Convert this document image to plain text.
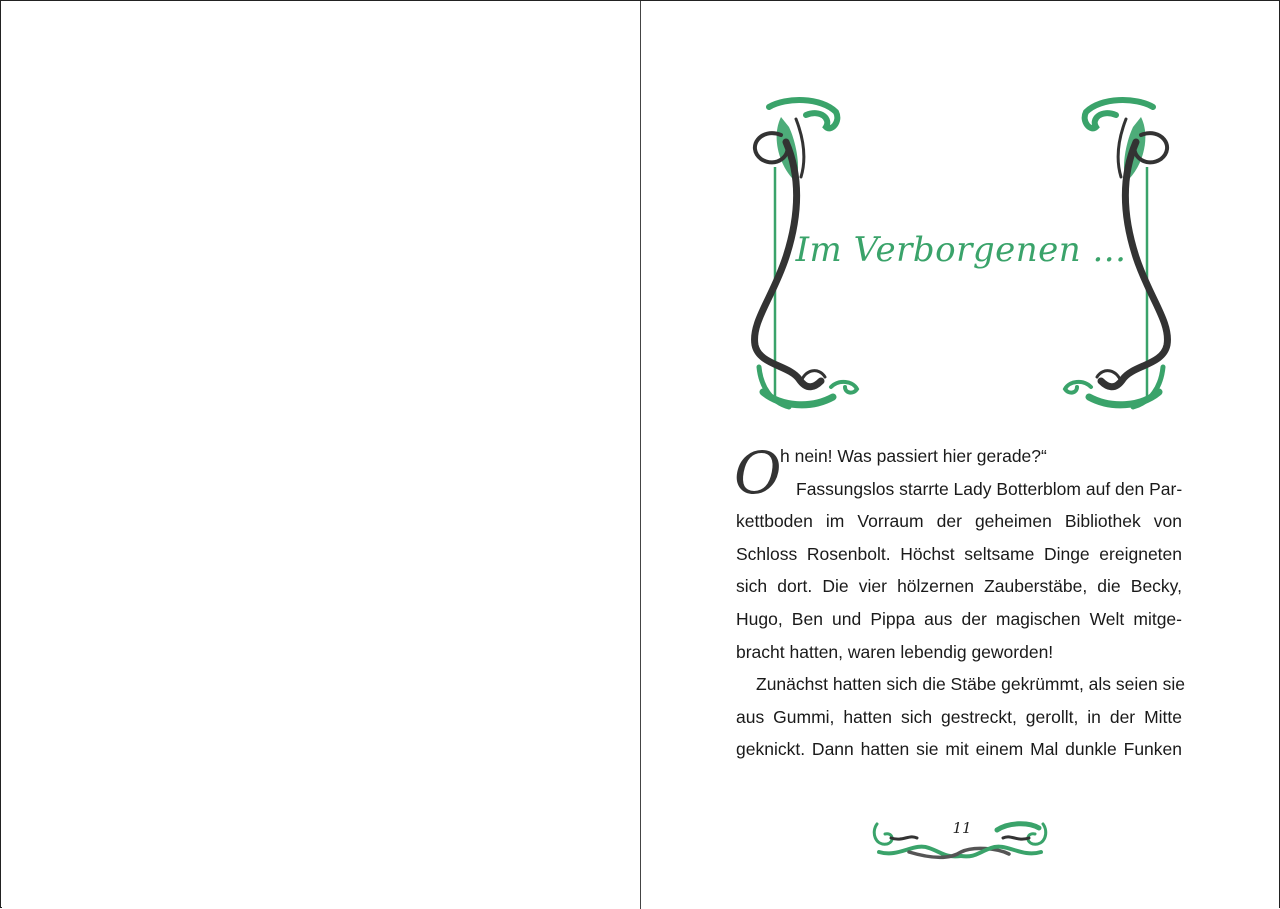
Im Verborgenen ...
O
h nein! Was passiert hier gerade?“
Fassungslos starrte Lady Botterblom auf den Par-
kettboden im Vorraum der geheimen Bibliothek von
Schloss Rosenbolt. Höchst seltsame Dinge ereigneten
sich dort. Die vier hölzernen Zauberstäbe, die Becky,
Hugo, Ben und Pippa aus der magischen Welt mitge-
bracht hatten, waren lebendig geworden!
Zunächst hatten sich die Stäbe gekrümmt, als seien sie
aus Gummi, hatten sich gestreckt, gerollt, in der Mitte
geknickt. Dann hatten sie mit einem Mal dunkle Funken
11
